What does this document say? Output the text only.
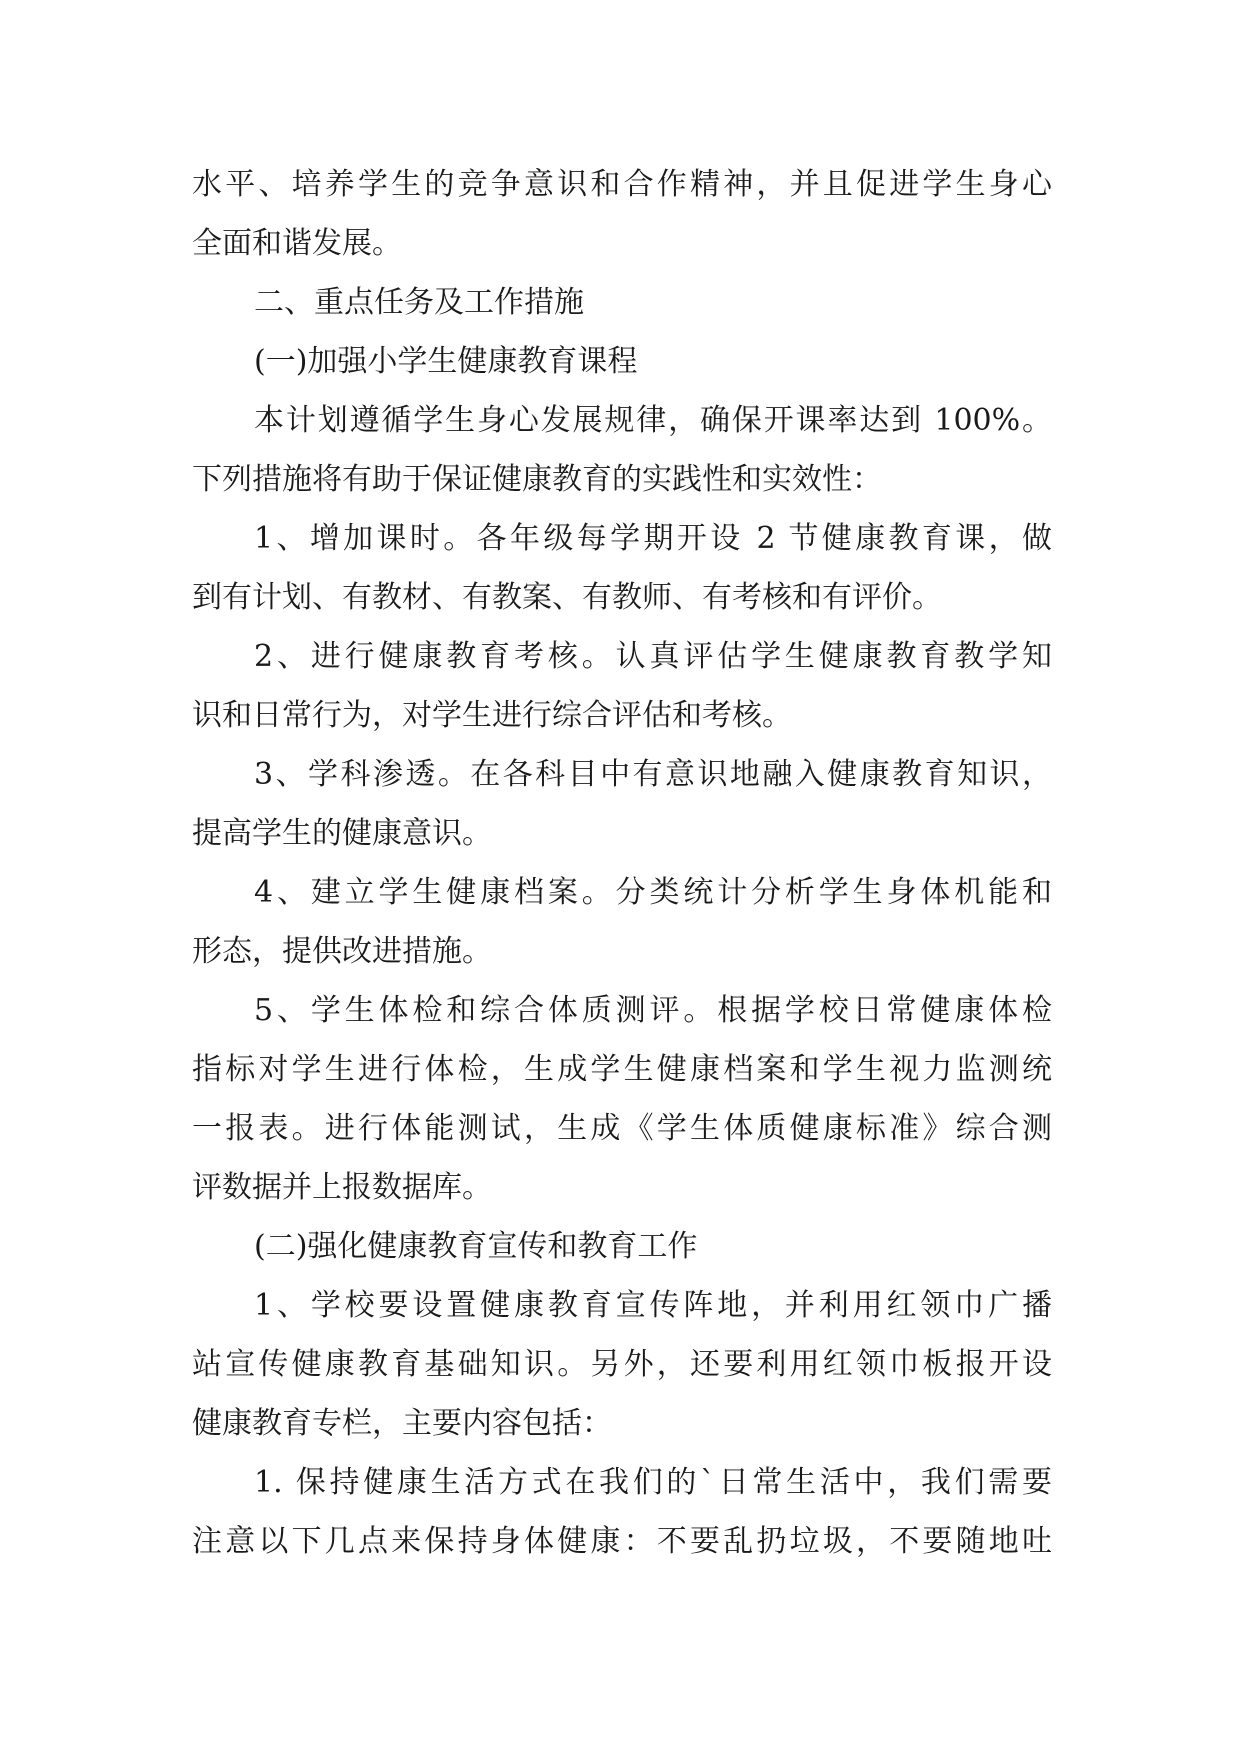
水平、培养学生的竞争意识和合作精神，并且促进学生身心
全面和谐发展。
二、重点任务及工作措施
(一)加强小学生健康教育课程
本计划遵循学生身心发展规律，确保开课率达到 100%。
下列措施将有助于保证健康教育的实践性和实效性：
1、增加课时。各年级每学期开设 2 节健康教育课，做
到有计划、有教材、有教案、有教师、有考核和有评价。
2、进行健康教育考核。认真评估学生健康教育教学知
识和日常行为，对学生进行综合评估和考核。
3、学科渗透。在各科目中有意识地融入健康教育知识，
提高学生的健康意识。
4、建立学生健康档案。分类统计分析学生身体机能和
形态，提供改进措施。
5、学生体检和综合体质测评。根据学校日常健康体检
指标对学生进行体检，生成学生健康档案和学生视力监测统
一报表。进行体能测试，生成《学生体质健康标准》综合测
评数据并上报数据库。
(二)强化健康教育宣传和教育工作
1、学校要设置健康教育宣传阵地，并利用红领巾广播
站宣传健康教育基础知识。另外，还要利用红领巾板报开设
健康教育专栏，主要内容包括：
1. 保持健康生活方式在我们的`日常生活中，我们需要
注意以下几点来保持身体健康：不要乱扔垃圾，不要随地吐
